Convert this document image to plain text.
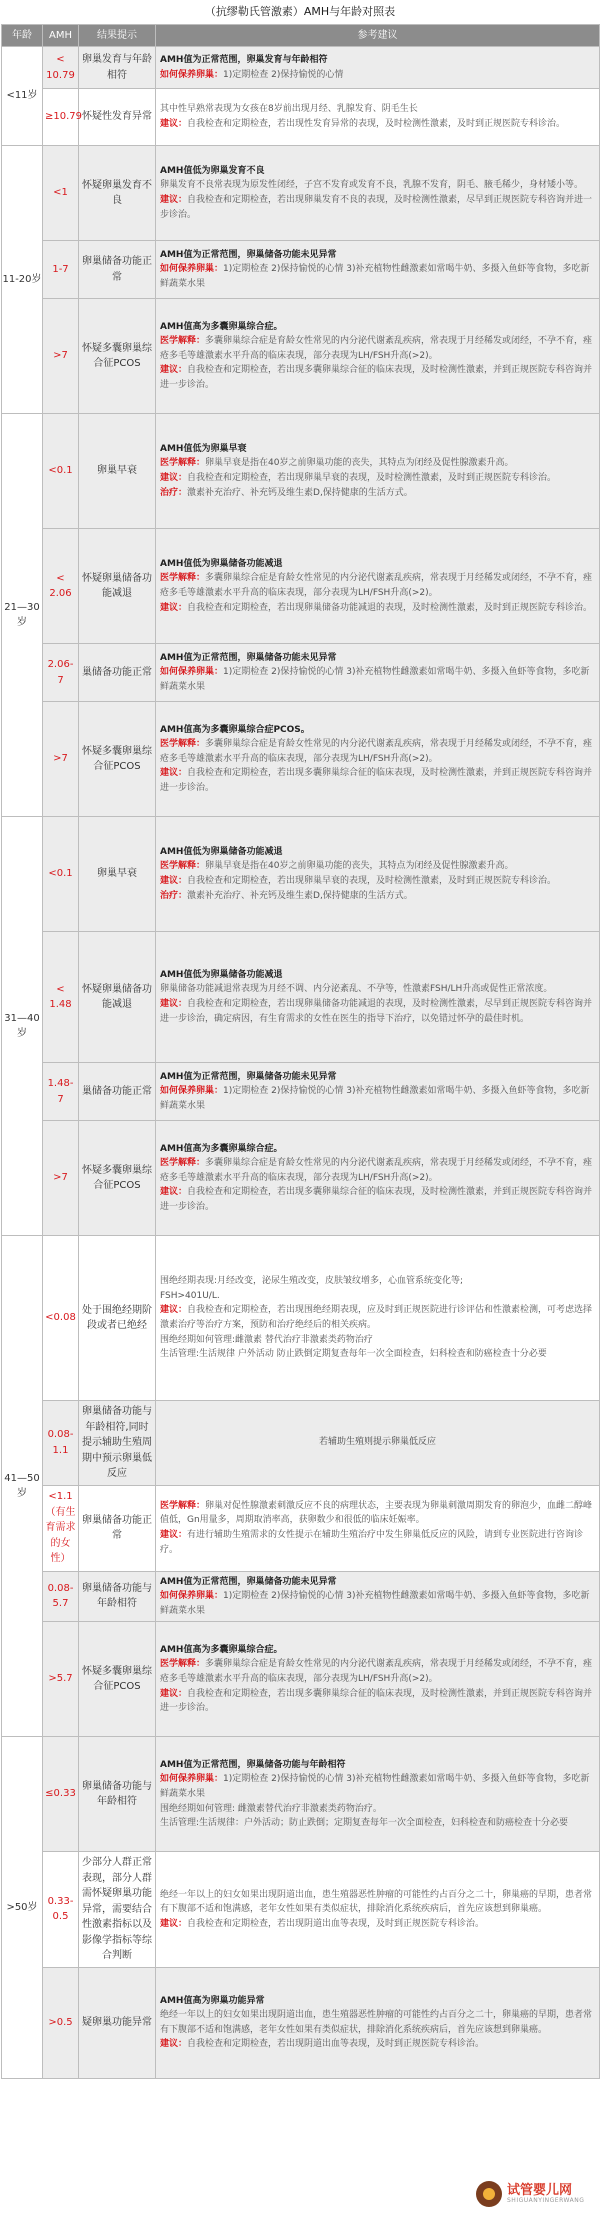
（抗缪勒氏管激素）AMH与年龄对照表
年龄	AMH	结果提示	参考建议
<11岁	< 10.79	卵巢发育与年龄相符	AMH值为正常范围，卵巢发育与年龄相符
如何保养卵巢：1)定期检查 2)保持愉悦的心情

	≥10.79	怀疑性发育异常	其中性早熟常表现为女孩在8岁前出现月经、乳腺发育、阴毛生长
建议：自我检查和定期检查，若出现性发育异常的表现，及时检测性激素，及时到正规医院专科诊治。

11-20岁	<1	怀疑卵巢发育不良	AMH值低为卵巢发育不良
卵巢发育不良常表现为原发性闭经，子宫不发育或发育不良，乳腺不发育，阴毛、腋毛稀少，身材矮小等。
建议：自我检查和定期检查，若出现卵巢发育不良的表现，及时检测性激素，尽早到正规医院专科咨询并进一步诊治。

	1-7	卵巢储备功能正常	AMH值为正常范围，卵巢储备功能未见异常
如何保养卵巢：1)定期检查 2)保持愉悦的心情 3)补充植物性雌激素如常喝牛奶、多摄入鱼虾等食物，多吃新鲜蔬菜水果

	>7	怀疑多囊卵巢综合征PCOS	AMH值高为多囊卵巢综合症。
医学解释：多囊卵巢综合症是育龄女性常见的内分泌代谢紊乱疾病，常表现于月经稀发或闭经，不孕不育，痤疮多毛等雄激素水平升高的临床表现，部分表现为LH/FSH升高(>2)。
建议：自我检查和定期检查，若出现多囊卵巢综合征的临床表现，及时检测性激素，并到正规医院专科咨询并进一步诊治。

21—30岁	<0.1	卵巢早衰	AMH值低为卵巢早衰
医学解释：卵巢早衰是指在40岁之前卵巢功能的丧失，其特点为闭经及促性腺激素升高。
建议：自我检查和定期检查，若出现卵巢早衰的表现，及时检测性激素，及时到正规医院专科诊治。
治疗：激素补充治疗、补充钙及维生素D,保持健康的生活方式。

	< 2.06	怀疑卵巢储备功能减退	AMH值低为卵巢储备功能减退
医学解释：多囊卵巢综合症是育龄女性常见的内分泌代谢紊乱疾病，常表现于月经稀发或闭经，不孕不育，痤疮多毛等雄激素水平升高的临床表现，部分表现为LH/FSH升高(>2)。
建议：自我检查和定期检查，若出现卵巢储备功能减退的表现，及时检测性激素，及时到正规医院专科诊治。

	2.06-7	巢储备功能正常	AMH值为正常范围，卵巢储备功能未见异常
如何保养卵巢：1)定期检查 2)保持愉悦的心情 3)补充植物性雌激素如常喝牛奶、多摄入鱼虾等食物，多吃新鲜蔬菜水果

	>7	怀疑多囊卵巢综合征PCOS	AMH值高为多囊卵巢综合症PCOS。
医学解释：多囊卵巢综合症是育龄女性常见的内分泌代谢紊乱疾病，常表现于月经稀发或闭经，不孕不育，痤疮多毛等雄激素水平升高的临床表现，部分表现为LH/FSH升高(>2)。
建议：自我检查和定期检查，若出现多囊卵巢综合征的临床表现，及时检测性激素，并到正规医院专科咨询并进一步诊治。

31—40岁	<0.1	卵巢早衰	AMH值低为卵巢储备功能减退
医学解释：卵巢早衰是指在40岁之前卵巢功能的丧失，其特点为闭经及促性腺激素升高。
建议：自我检查和定期检查，若出现卵巢早衰的表现，及时检测性激素，及时到正规医院专科诊治。
治疗：激素补充治疗、补充钙及维生素D,保持健康的生活方式。

	< 1.48	怀疑卵巢储备功能减退	AMH值低为卵巢储备功能减退
卵巢储备功能减退常表现为月经不调、内分泌紊乱、不孕等，性激素FSH/LH升高或促性正常浓度。
建议：自我检查和定期检查，若出现卵巢储备功能减退的表现，及时检测性激素，尽早到正规医院专科咨询并进一步诊治，确定病因，有生育需求的女性在医生的指导下治疗，以免错过怀孕的最佳时机。

	1.48-7	巢储备功能正常	AMH值为正常范围，卵巢储备功能未见异常
如何保养卵巢：1)定期检查 2)保持愉悦的心情 3)补充植物性雌激素如常喝牛奶、多摄入鱼虾等食物，多吃新鲜蔬菜水果

	>7	怀疑多囊卵巢综合征PCOS	AMH值高为多囊卵巢综合症。
医学解释：多囊卵巢综合症是育龄女性常见的内分泌代谢紊乱疾病，常表现于月经稀发或闭经，不孕不育，痤疮多毛等雄激素水平升高的临床表现，部分表现为LH/FSH升高(>2)。
建议：自我检查和定期检查，若出现多囊卵巢综合征的临床表现，及时检测性激素，并到正规医院专科咨询并进一步诊治。

41—50岁	<0.08	处于围绝经期阶段或者已绝经	围绝经期表现:月经改变，泌尿生殖改变，皮肤皱纹增多，心血管系统变化等;
FSH>401U/L.
建议：自我检查和定期检查，若出现围绝经期表现，应及时到正规医院进行诊评估和性激素检测，可考虑选择激素治疗等治疗方案，预防和治疗绝经后的相关疾病。
围绝经期如何管理:雌激素 替代治疗非激素类药物治疗
生活管理:生活规律 户外活动 防止跌倒定期复查每年一次全面检查，妇科检查和防癌检查十分必要

	0.08-1.1	卵巢储备功能与年龄相符,同时提示辅助生殖周期中预示卵巢低反应	若辅助生殖则提示卵巢低反应
	<1.1（有生育需求的女性）	卵巢储备功能正常	医学解释：卵巢对促性腺激素刺激反应不良的病理状态，主要表现为卵巢刺激周期发育的卵泡少，血雌二醇峰值低，Gn用量多，周期取消率高，获卵数少和很低的临床妊娠率。
建议：有进行辅助生殖需求的女性提示在辅助生殖治疗中发生卵巢低反应的风险，请到专业医院进行咨询诊疗。

	0.08-5.7	卵巢储备功能与年龄相符	AMH值为正常范围，卵巢储备功能未见异常
如何保养卵巢：1)定期检查 2)保持愉悦的心情 3)补充植物性雌激素如常喝牛奶、多摄入鱼虾等食物，多吃新鲜蔬菜水果

	>5.7	怀疑多囊卵巢综合征PCOS	AMH值高为多囊卵巢综合症。
医学解释：多囊卵巢综合症是育龄女性常见的内分泌代谢紊乱疾病，常表现于月经稀发或闭经，不孕不育，痤疮多毛等雄激素水平升高的临床表现，部分表现为LH/FSH升高(>2)。
建议：自我检查和定期检查，若出现多囊卵巢综合征的临床表现，及时检测性激素，并到正规医院专科咨询并进一步诊治。

>50岁	≤0.33	卵巢储备功能与年龄相符	AMH值为正常范围，卵巢储备功能与年龄相符
如何保养卵巢：1)定期检查 2)保持愉悦的心情 3)补充植物性雌激素如常喝牛奶、多摄入鱼虾等食物，多吃新鲜蔬菜水果
围绝经期如何管理: 雌激素替代治疗非激素类药物治疗。
生活管理:生活规律：户外活动；防止跌倒；定期复查每年一次全面检查，妇科检查和防癌检查十分必要

	0.33-0.5	少部分人群正常表现，部分人群需怀疑卵巢功能异常，需要结合性激素指标以及影像学指标等综合判断	绝经一年以上的妇女如果出现阴道出血，患生殖器恶性肿瘤的可能性约占百分之二十，卵巢癌的早期，患者常有下腹部不适和饱满感，老年女性如果有类似症状，排除消化系统疾病后，首先应该想到卵巢癌。
建议：自我检查和定期检查，若出现阴道出血等表现，及时到正规医院专科诊治。

	>0.5	疑卵巢功能异常	AMH值高为卵巢功能异常
绝经一年以上的妇女如果出现阴道出血，患生殖器恶性肿瘤的可能性约占百分之二十，卵巢癌的早期，患者常有下腹部不适和饱满感，老年女性如果有类似症状，排除消化系统疾病后，首先应该想到卵巢癌。
建议：自我检查和定期检查，若出现阴道出血等表现，及时到正规医院专科诊治。
试管婴儿网
SHIGUANYINGERWANG
